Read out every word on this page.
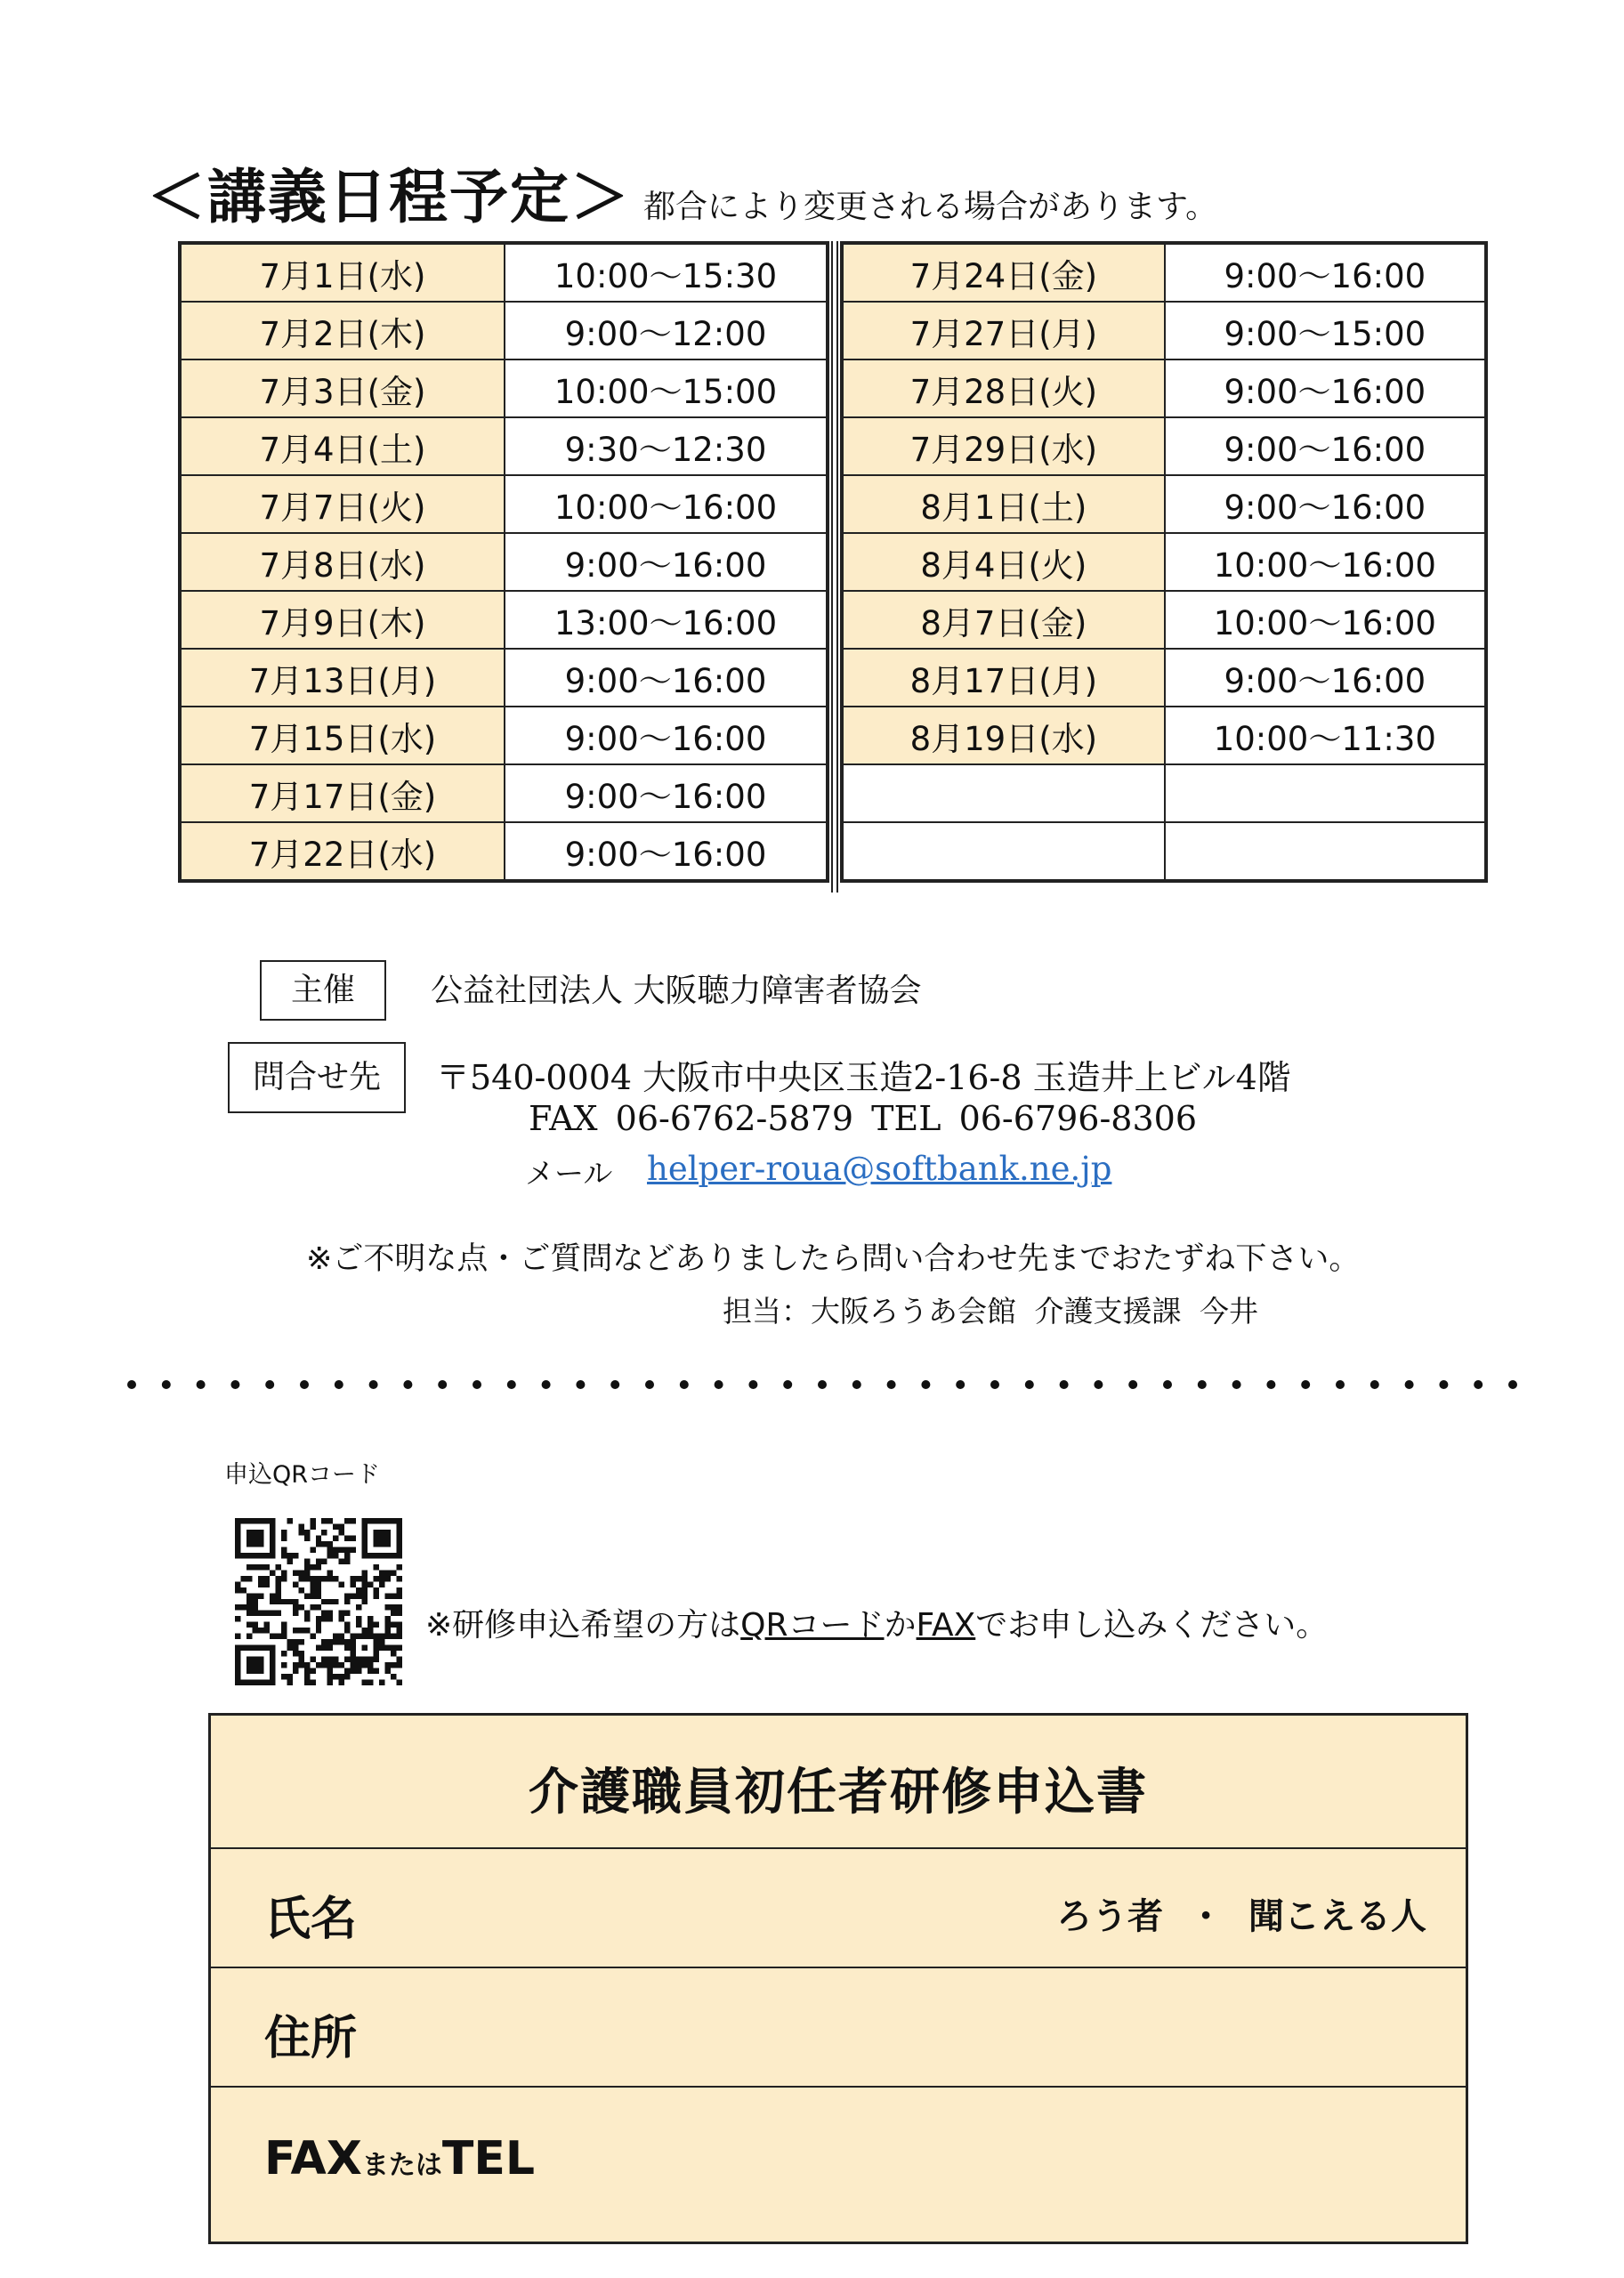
＜講義日程予定＞ 都合により変更される場合があります。
7月1日(水)	10:00〜15:30
7月2日(木)	9:00〜12:00
7月3日(金)	10:00〜15:00
7月4日(土)	9:30〜12:30
7月7日(火)	10:00〜16:00
7月8日(水)	9:00〜16:00
7月9日(木)	13:00〜16:00
7月13日(月)	9:00〜16:00
7月15日(水)	9:00〜16:00
7月17日(金)	9:00〜16:00
7月22日(水)	9:00〜16:00
7月24日(金)	9:00〜16:00
7月27日(月)	9:00〜15:00
7月28日(火)	9:00〜16:00
7月29日(水)	9:00〜16:00
8月1日(土)	9:00〜16:00
8月4日(火)	10:00〜16:00
8月7日(金)	10:00〜16:00
8月17日(月)	9:00〜16:00
8月19日(水)	10:00〜11:30

主催	公益社団法人 大阪聴力障害者協会
問合せ先	〒540-0004 大阪市中央区玉造2-16-8 玉造井上ビル4階
FAX 06-6762-5879 TEL 06-6796-8306
メール helper-roua@softbank.ne.jp
※ご不明な点・ご質問などありましたら問い合わせ先までおたずね下さい。
担当：大阪ろうあ会館 介護支援課 今井
申込QRコード
※研修申込希望の方はQRコードかFAXでお申し込みください。
介護職員初任者研修申込書
氏名	ろう者 ・ 聞こえる人
住所
FAXまたはTEL
